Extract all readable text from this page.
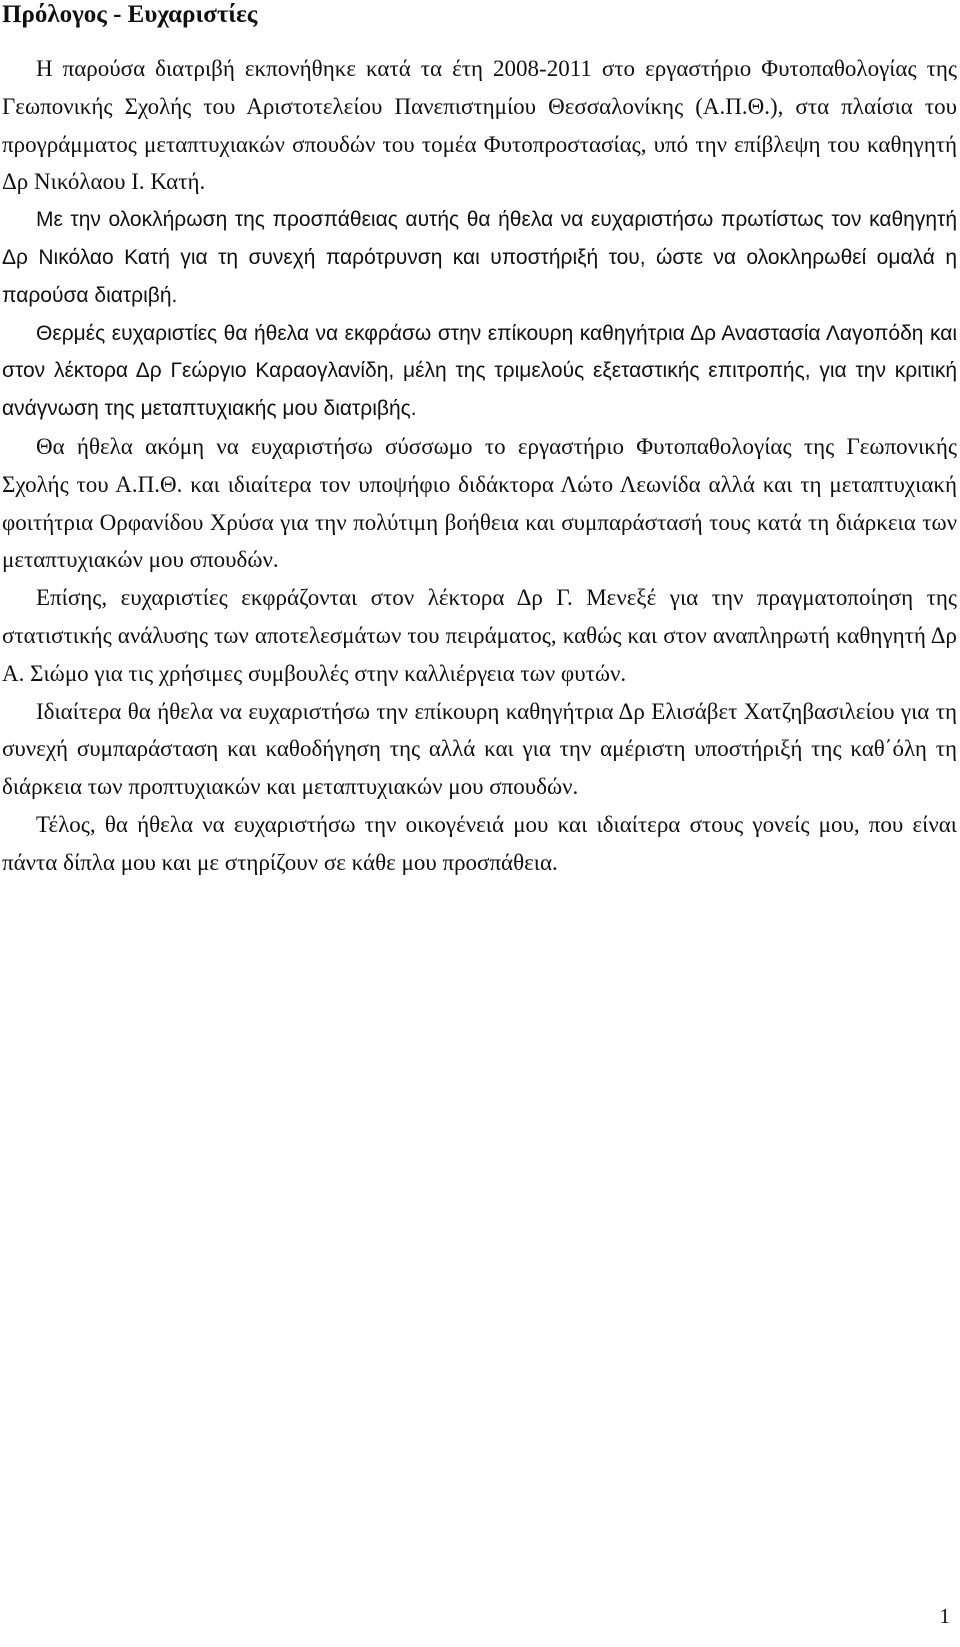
Πρόλογος - Ευχαριστίες

Η παρούσα διατριβή εκπονήθηκε κατά τα έτη 2008-2011 στο εργαστήριο Φυτοπαθολογίας της Γεωπονικής Σχολής του Αριστοτελείου Πανεπιστημίου Θεσσαλονίκης (Α.Π.Θ.), στα πλαίσια του προγράμματος μεταπτυχιακών σπουδών του τομέα Φυτοπροστασίας, υπό την επίβλεψη του καθηγητή Δρ Νικόλαου Ι. Κατή.

Με την ολοκλήρωση της προσπάθειας αυτής θα ήθελα να ευχαριστήσω πρωτίστως τον καθηγητή Δρ Νικόλαο Κατή για τη συνεχή παρότρυνση και υποστήριξή του, ώστε να ολοκληρωθεί ομαλά η παρούσα διατριβή.

Θερμές ευχαριστίες θα ήθελα να εκφράσω στην επίκουρη καθηγήτρια Δρ Αναστασία Λαγοπόδη και στον λέκτορα Δρ Γεώργιο Καραογλανίδη, μέλη της τριμελούς εξεταστικής επιτροπής, για την κριτική ανάγνωση της μεταπτυχιακής μου διατριβής.

Θα ήθελα ακόμη να ευχαριστήσω σύσσωμο το εργαστήριο Φυτοπαθολογίας της Γεωπονικής Σχολής του Α.Π.Θ. και ιδιαίτερα τον υποψήφιο διδάκτορα Λώτο Λεωνίδα αλλά και τη μεταπτυχιακή φοιτήτρια Ορφανίδου Χρύσα για την πολύτιμη βοήθεια και συμπαράστασή τους κατά τη διάρκεια των μεταπτυχιακών μου σπουδών.

Επίσης, ευχαριστίες εκφράζονται στον λέκτορα Δρ Γ. Μενεξέ για την πραγματοποίηση της στατιστικής ανάλυσης των αποτελεσμάτων του πειράματος, καθώς και στον αναπληρωτή καθηγητή Δρ Α. Σιώμο για τις χρήσιμες συμβουλές στην καλλιέργεια των φυτών.

Ιδιαίτερα θα ήθελα να ευχαριστήσω την επίκουρη καθηγήτρια Δρ Ελισάβετ Χατζηβασιλείου για τη συνεχή συμπαράσταση και καθοδήγηση της αλλά και για την αμέριστη υποστήριξή της καθ΄όλη τη διάρκεια των προπτυχιακών και μεταπτυχιακών μου σπουδών.

Τέλος, θα ήθελα να ευχαριστήσω την οικογένειά μου και ιδιαίτερα στους γονείς μου, που είναι πάντα δίπλα μου και με στηρίζουν σε κάθε μου προσπάθεια.

1
